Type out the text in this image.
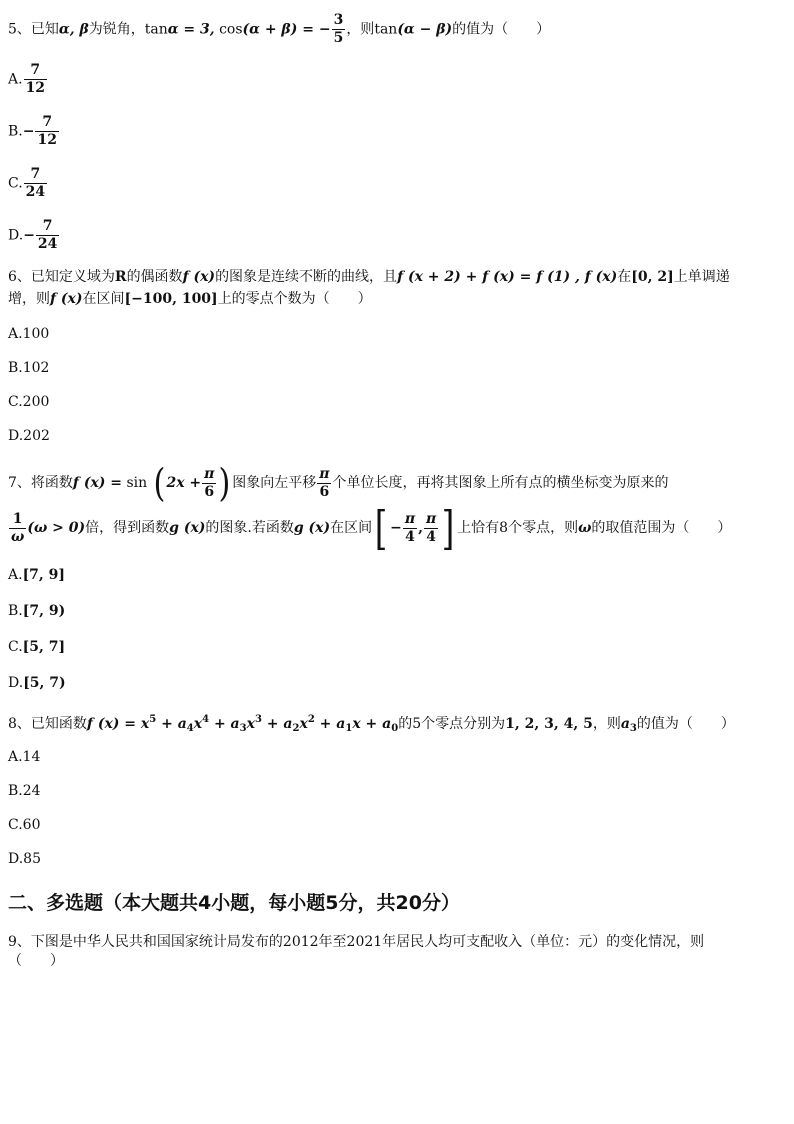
5、已知α, β为锐角，tanα = 3, cos(α + β) = − $\frac{3}{5}$ ，则tan(α − β)的值为（　　）
A. $\frac{7}{12}$
$B.- \frac{7}{12}$
C. $\frac{7}{24}$
$D.- \frac{7}{24}$
6、已知定义域为R的偶函数f (x)的图象是连续不断的曲线，且f (x + 2) + f (x) = f (1) , f (x)在[0, 2]上单调递
增，则f (x)在区间[−100, 100]上的零点个数为（　　）
A.100
B.102
C.200
D.202
7、 将函数 f (x) =
sin
( $2x + \frac{\pi}{6}$ ) 图象向左平移 $\frac{\pi}{6}$ 个单位长度，再将其图象上所有点的横坐标变为原来的
$\frac{1}{\omega} (\omega > 0)$ 倍，得到函数 g (x) 的图象.若函数 g (x) 在区间 [ − $\frac{\pi}{4}$ , $\frac{\pi}{4}$ ] 上恰有 8 个零点，则 ω 的取值范围为（　　）
A.[7, 9]
B.[7, 9)
C.[5, 7]
D.[5, 7)
8、已知函数f $(x) = x^5 + a_4x^4 + a_3x^3 + a_2x^2 + a_1x + a_0$的5个零点分别为1, 2, 3, 4, 5，则$a_3$的值为（　　）
A.14
B.24
C.60
D.85
二、多选题（本大题共4小题，每小题5分，共20分）
9、下图是中华人民共和国国家统计局发布的2012年至2021年居民人均可支配收入（单位：元）的变化情况，则
（　　）
